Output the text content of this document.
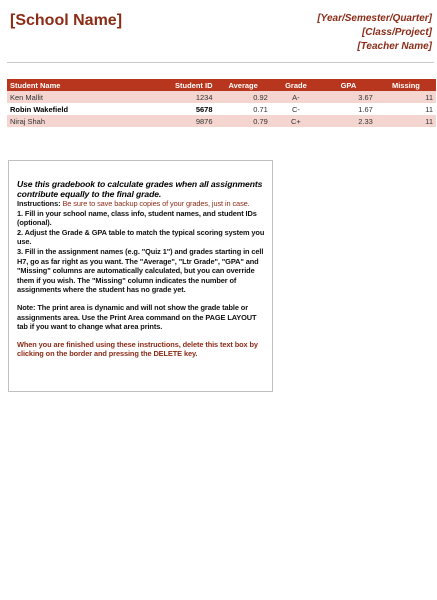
[School Name]	[Year/Semester/Quarter]
[Class/Project]
[Teacher Name]
Student Name	Student ID	Average	Grade	GPA	Missing
Ken Mallit	1234	0.92	A-	3.67	11
Robin Wakefield	5678	0.71	C-	1.67	11
Niraj Shah	9876	0.79	C+	2.33	11

Use this gradebook to calculate grades when all assignments contribute equally to the final grade.

Instructions: Be sure to save backup copies of your grades, just in case.

1. Fill in your school name, class info, student names, and student IDs (optional).

2. Adjust the Grade & GPA table to match the typical scoring system you use.

3. Fill in the assignment names (e.g. "Quiz 1") and grades starting in cell H7, go as far right as you want. The "Average", "Ltr Grade", "GPA" and "Missing" columns are automatically calculated, but you can override them if you wish. The "Missing" column indicates the number of assignments where the student has no grade yet.

Note: The print area is dynamic and will not show the grade table or assignments area. Use the Print Area command on the PAGE LAYOUT tab if you want to change what area prints.

When you are finished using these instructions, delete this text box by clicking on the border and pressing the DELETE key.
